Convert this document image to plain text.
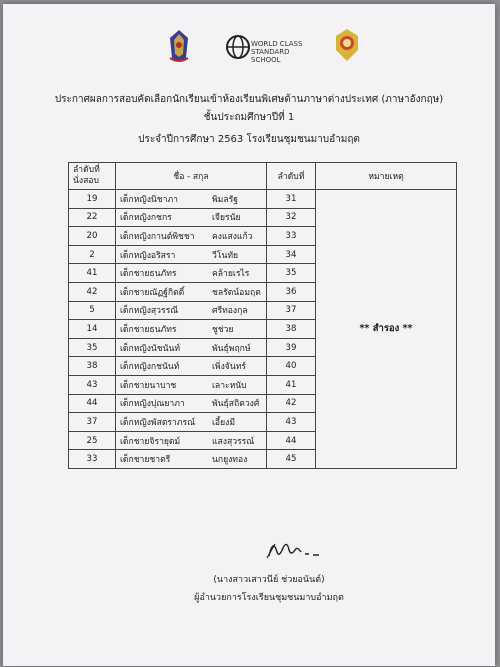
WORLD CLASS STANDARD SCHOOL
ประกาศผลการสอบคัดเลือกนักเรียนเข้าห้องเรียนพิเศษด้านภาษาต่างประเทศ (ภาษาอังกฤษ)
ชั้นประถมศึกษาปีที่ 1
ประจำปีการศึกษา 2563 โรงเรียนชุมชนมาบอำมฤต
ลำดับที่ นั่งสอบ	ชื่อ - สกุล	ลำดับที่	หมายเหตุ
19	เด็กหญิงนิชาภา พิมลรัฐ	31	** สำรอง **
22	เด็กหญิงกชกร เจียรนัย	32	
20	เด็กหญิงกานต์พิชชา คงแสงแก้ว	33	
2	เด็กหญิงอริสรา วีโนทัย	34	
41	เด็กชายธนภัทร คล้ายเรไร	35	
42	เด็กชายณัฏฐ์กิตติ์ ชลรัตน์อมฤต	36	
5	เด็กหญิงสุวรรณี ศรีทองกุล	37	
14	เด็กชายธนภัทร ชูช่วย	38	
35	เด็กหญิงนัชนันท์ พันธุ์พฤกษ์	39	
38	เด็กหญิงกชนันท์ เพิ่งจันทร์	40	
43	เด็กชายนาบาช เลาะหนับ	41	
44	เด็กหญิงปุณยาภา พันธุ์สถิตวงศ์	42	
37	เด็กหญิงพัสตราภรณ์ เอี้ยงมี	43	
25	เด็กชายจิรายุตม์ แสงสุวรรณ์	44	
33	เด็กชายชาตรี นกยูงทอง	45	
(นางสาวเสาวนีย์ ช่วยอนันต์)
ผู้อำนวยการโรงเรียนชุมชนมาบอำมฤต
